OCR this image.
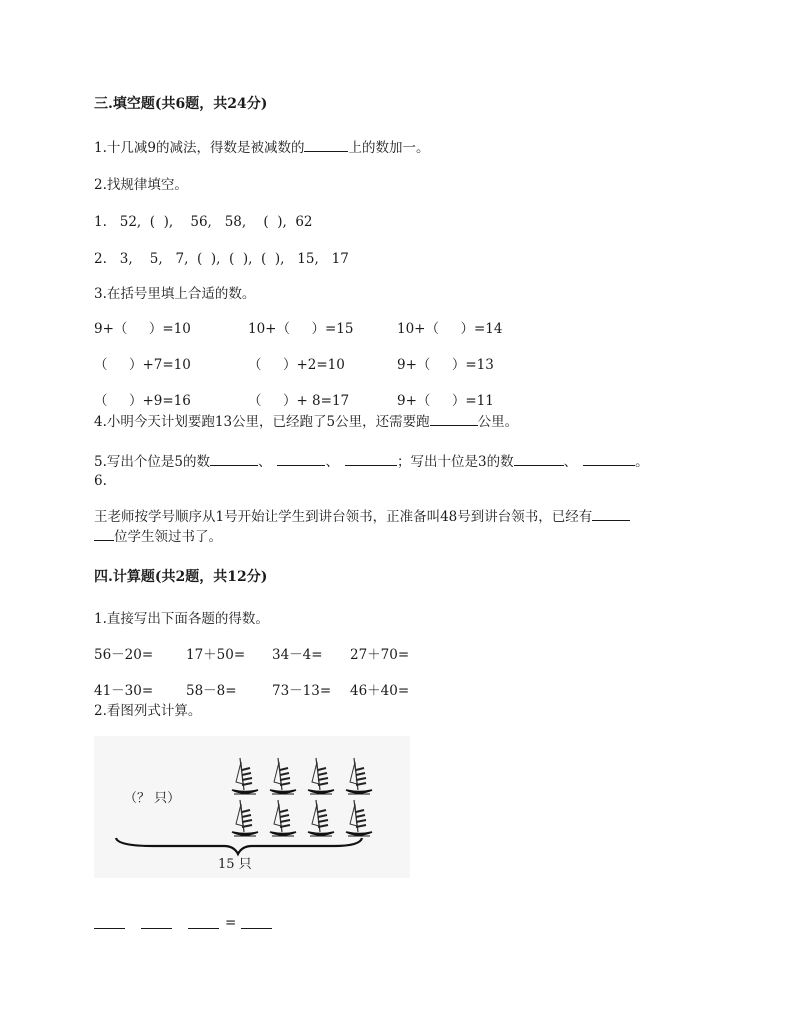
三.填空题(共6题，共24分)
1.十几减9的减法，得数是被减数的	上的数加一。
2.找规律填空。
1.   52,  (  ),    56,   58,    (  ),  62
2.   3,    5,   7,  (  ),  (  ),  (  ),   15,   17
3.在括号里填上合适的数。
9+（     ）=10	10+（     ）=15	10+（     ）=14
（     ）+7=10	（     ）+2=10	9+（     ）=13
（     ）+9=16	（     ）+ 8=17	9+（     ）=11
4.小明今天计划要跑13公里，已经跑了5公里，还需要跑	公里。
5.写出个位是5的数	、	、	；写出十位是3的数	、	。
6.
王老师按学号顺序从1号开始让学生到讲台领书，正准备叫48号到讲台领书，已经有
位学生领过书了。
四.计算题(共2题，共12分)
1.直接写出下面各题的得数。
56－20= 17＋50= 34－4= 27＋70=
41－30= 58－8=	73－13= 46＋40=
2.看图列式计算。
（？ 只）
15 只
=
